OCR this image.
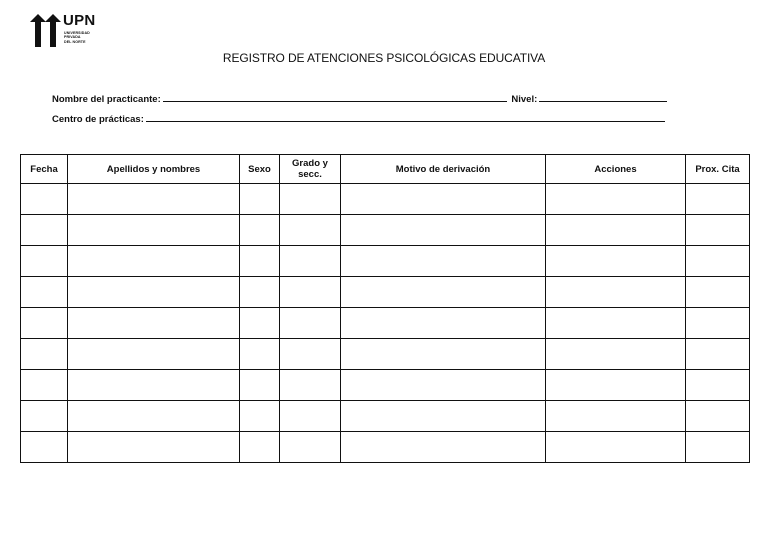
UPN
UNIVERSIDAD
PRIVADA
DEL NORTE
REGISTRO DE ATENCIONES PSICOLÓGICAS EDUCATIVA
Nombre del practicante:	Nivel:
Centro de prácticas:
Fecha	Apellidos y nombres	Sexo	Grado y secc.	Motivo de derivación	Acciones	Prox. Cita
